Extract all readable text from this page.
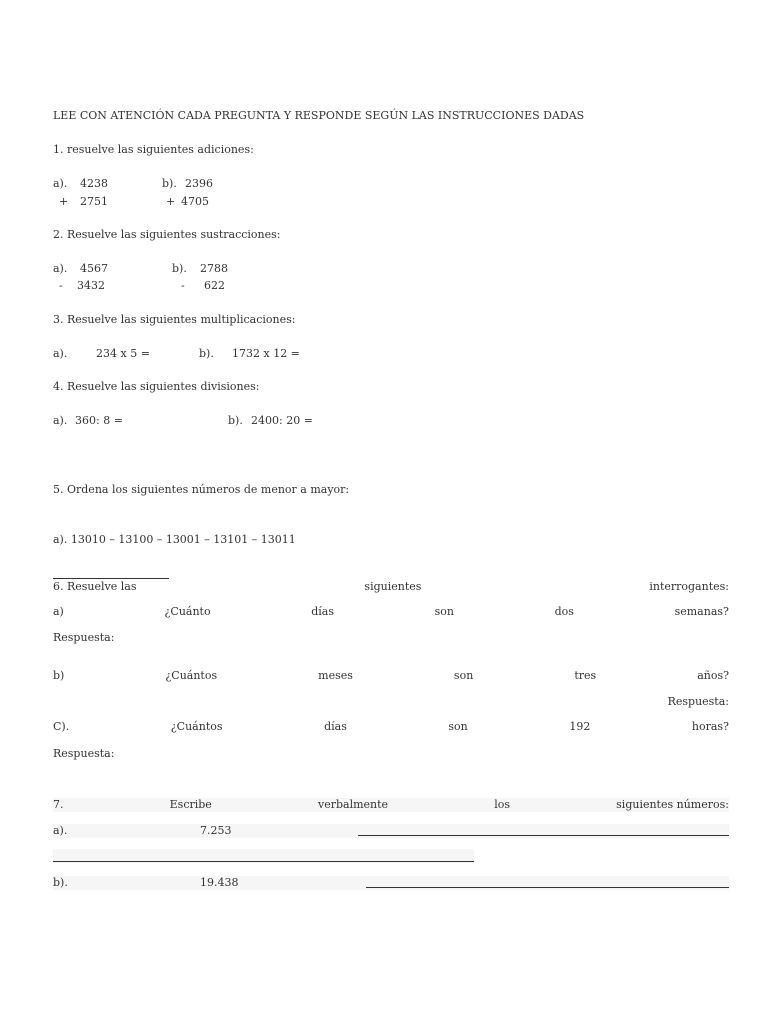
LEE CON ATENCIÓN CADA PREGUNTA Y RESPONDE SEGÚN LAS INSTRUCCIONES DADAS
1. resuelve las siguientes adiciones:
a). 4238
+ 2751
b). 2396
+ 4705
2. Resuelve las siguientes sustracciones:
a). 4567
- 3432
b). 2788
- 622
3. Resuelve las siguientes multiplicaciones:
a).	234 x 5 =	b). 1732 x 12 =
4. Resuelve las siguientes divisiones:
a). 360: 8 =	b). 2400: 20 =
5. Ordena los siguientes números de menor a mayor:
a). 13010 – 13100 – 13001 – 13101 – 13011
6. Resuelve las	siguientes	interrogantes:
a)	¿Cuánto	días	son	dos	semanas?
Respuesta:
b)	¿Cuántos	meses	son	tres	años?
Respuesta:
C).	¿Cuántos	días	son	192	horas?
Respuesta:
7.	Escribe	verbalmente	los	siguientes números:
a).	7.253
b).	19.438
